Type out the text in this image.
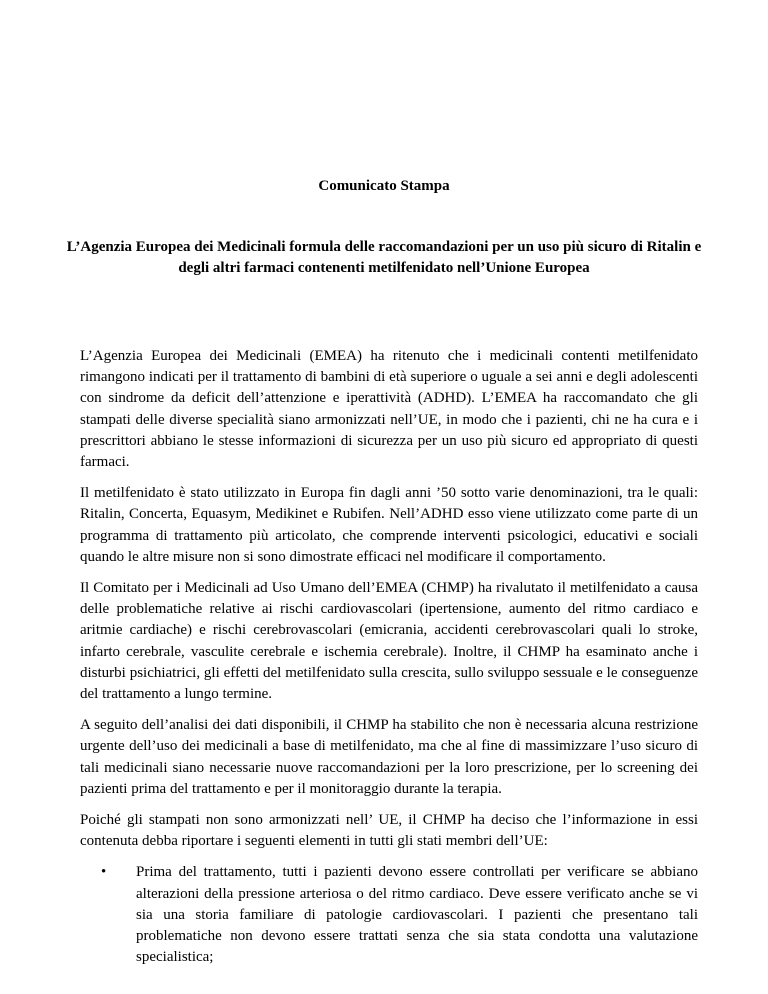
Comunicato Stampa
L’Agenzia Europea dei Medicinali formula delle raccomandazioni per un uso più sicuro di Ritalin e degli altri farmaci contenenti metilfenidato nell’Unione Europea

L’Agenzia Europea dei Medicinali (EMEA) ha ritenuto che i medicinali contenti metilfenidato rimangono indicati per il trattamento di bambini di età superiore o uguale a sei anni e degli adolescenti con sindrome da deficit dell’attenzione e iperattività (ADHD). L’EMEA ha raccomandato che gli stampati delle diverse specialità siano armonizzati nell’UE, in modo che i pazienti, chi ne ha cura e i prescrittori abbiano le stesse informazioni di sicurezza per un uso più sicuro ed appropriato di questi farmaci.

Il metilfenidato è stato utilizzato in Europa fin dagli anni ’50 sotto varie denominazioni, tra le quali: Ritalin, Concerta, Equasym, Medikinet e Rubifen. Nell’ADHD esso viene utilizzato come parte di un programma di trattamento più articolato, che comprende interventi psicologici, educativi e sociali quando le altre misure non si sono dimostrate efficaci nel modificare il comportamento.

Il Comitato per i Medicinali ad Uso Umano dell’EMEA (CHMP) ha rivalutato il metilfenidato a causa delle problematiche relative ai rischi cardiovascolari (ipertensione, aumento del ritmo cardiaco e aritmie cardiache) e rischi cerebrovascolari (emicrania, accidenti cerebrovascolari quali lo stroke, infarto cerebrale, vasculite cerebrale e ischemia cerebrale). Inoltre, il CHMP ha esaminato anche i disturbi psichiatrici, gli effetti del metilfenidato sulla crescita, sullo sviluppo sessuale e le conseguenze del trattamento a lungo termine.

A seguito dell’analisi dei dati disponibili, il CHMP ha stabilito che non è necessaria alcuna restrizione urgente dell’uso dei medicinali a base di metilfenidato, ma che al fine di massimizzare l’uso sicuro di tali medicinali siano necessarie nuove raccomandazioni per la loro prescrizione, per lo screening dei pazienti prima del trattamento e per il monitoraggio durante la terapia.

Poiché gli stampati non sono armonizzati nell’ UE, il CHMP ha deciso che l’informazione in essi contenuta debba riportare i seguenti elementi in tutti gli stati membri dell’UE:

•	Prima del trattamento, tutti i pazienti devono essere controllati per verificare se abbiano alterazioni della pressione arteriosa o del ritmo cardiaco. Deve essere verificato anche se vi sia una storia familiare di patologie cardiovascolari. I pazienti che presentano tali problematiche non devono essere trattati senza che sia stata condotta una valutazione specialistica;
